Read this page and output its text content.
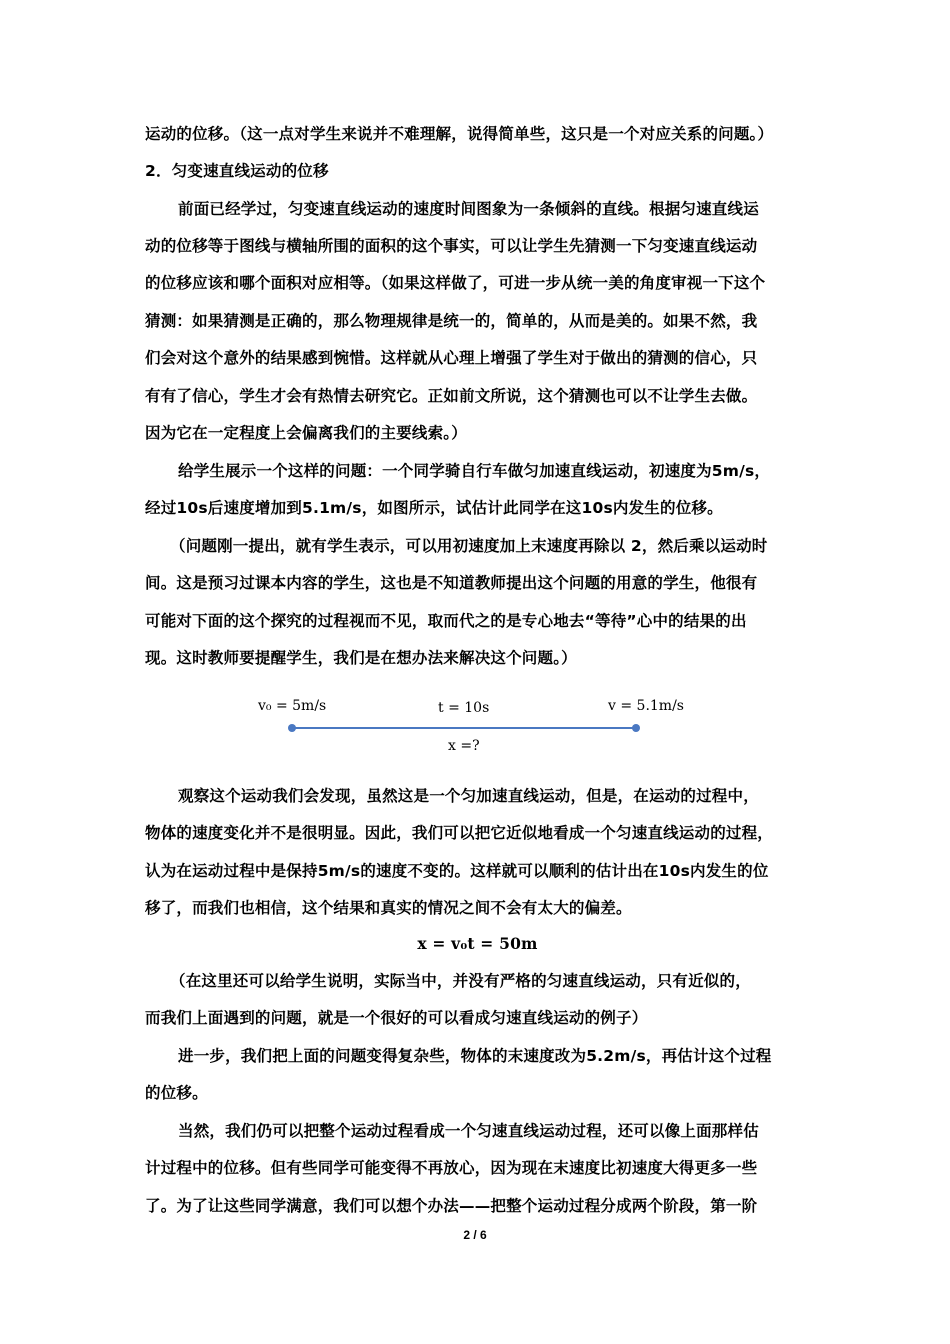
运动的位移。（这一点对学生来说并不难理解，说得简单些，这只是一个对应关系的问题。）
2．匀变速直线运动的位移
前面已经学过，匀变速直线运动的速度时间图象为一条倾斜的直线。根据匀速直线运
动的位移等于图线与横轴所围的面积的这个事实，可以让学生先猜测一下匀变速直线运动
的位移应该和哪个面积对应相等。（如果这样做了，可进一步从统一美的角度审视一下这个
猜测：如果猜测是正确的，那么物理规律是统一的，简单的，从而是美的。如果不然，我
们会对这个意外的结果感到惋惜。这样就从心理上增强了学生对于做出的猜测的信心，只
有有了信心，学生才会有热情去研究它。正如前文所说，这个猜测也可以不让学生去做。
因为它在一定程度上会偏离我们的主要线索。）
给学生展示一个这样的问题：一个同学骑自行车做匀加速直线运动，初速度为5m/s，
经过10s后速度增加到5.1m/s，如图所示，试估计此同学在这10s内发生的位移。
（问题刚一提出，就有学生表示，可以用初速度加上末速度再除以 2，然后乘以运动时
间。这是预习过课本内容的学生，这也是不知道教师提出这个问题的用意的学生，他很有
可能对下面的这个探究的过程视而不见，取而代之的是专心地去“等待”心中的结果的出
现。这时教师要提醒学生，我们是在想办法来解决这个问题。）
v₀ = 5m/s	t = 10s	v = 5.1m/s
x =?
观察这个运动我们会发现，虽然这是一个匀加速直线运动，但是，在运动的过程中，
物体的速度变化并不是很明显。因此，我们可以把它近似地看成一个匀速直线运动的过程，
认为在运动过程中是保持5m/s的速度不变的。这样就可以顺利的估计出在10s内发生的位
移了，而我们也相信，这个结果和真实的情况之间不会有太大的偏差。
x = v₀t = 50m
（在这里还可以给学生说明，实际当中，并没有严格的匀速直线运动，只有近似的，
而我们上面遇到的问题，就是一个很好的可以看成匀速直线运动的例子）
进一步，我们把上面的问题变得复杂些，物体的末速度改为5.2m/s，再估计这个过程
的位移。
当然，我们仍可以把整个运动过程看成一个匀速直线运动过程，还可以像上面那样估
计过程中的位移。但有些同学可能变得不再放心，因为现在末速度比初速度大得更多一些
了。为了让这些同学满意，我们可以想个办法——把整个运动过程分成两个阶段，第一阶
2 / 6
